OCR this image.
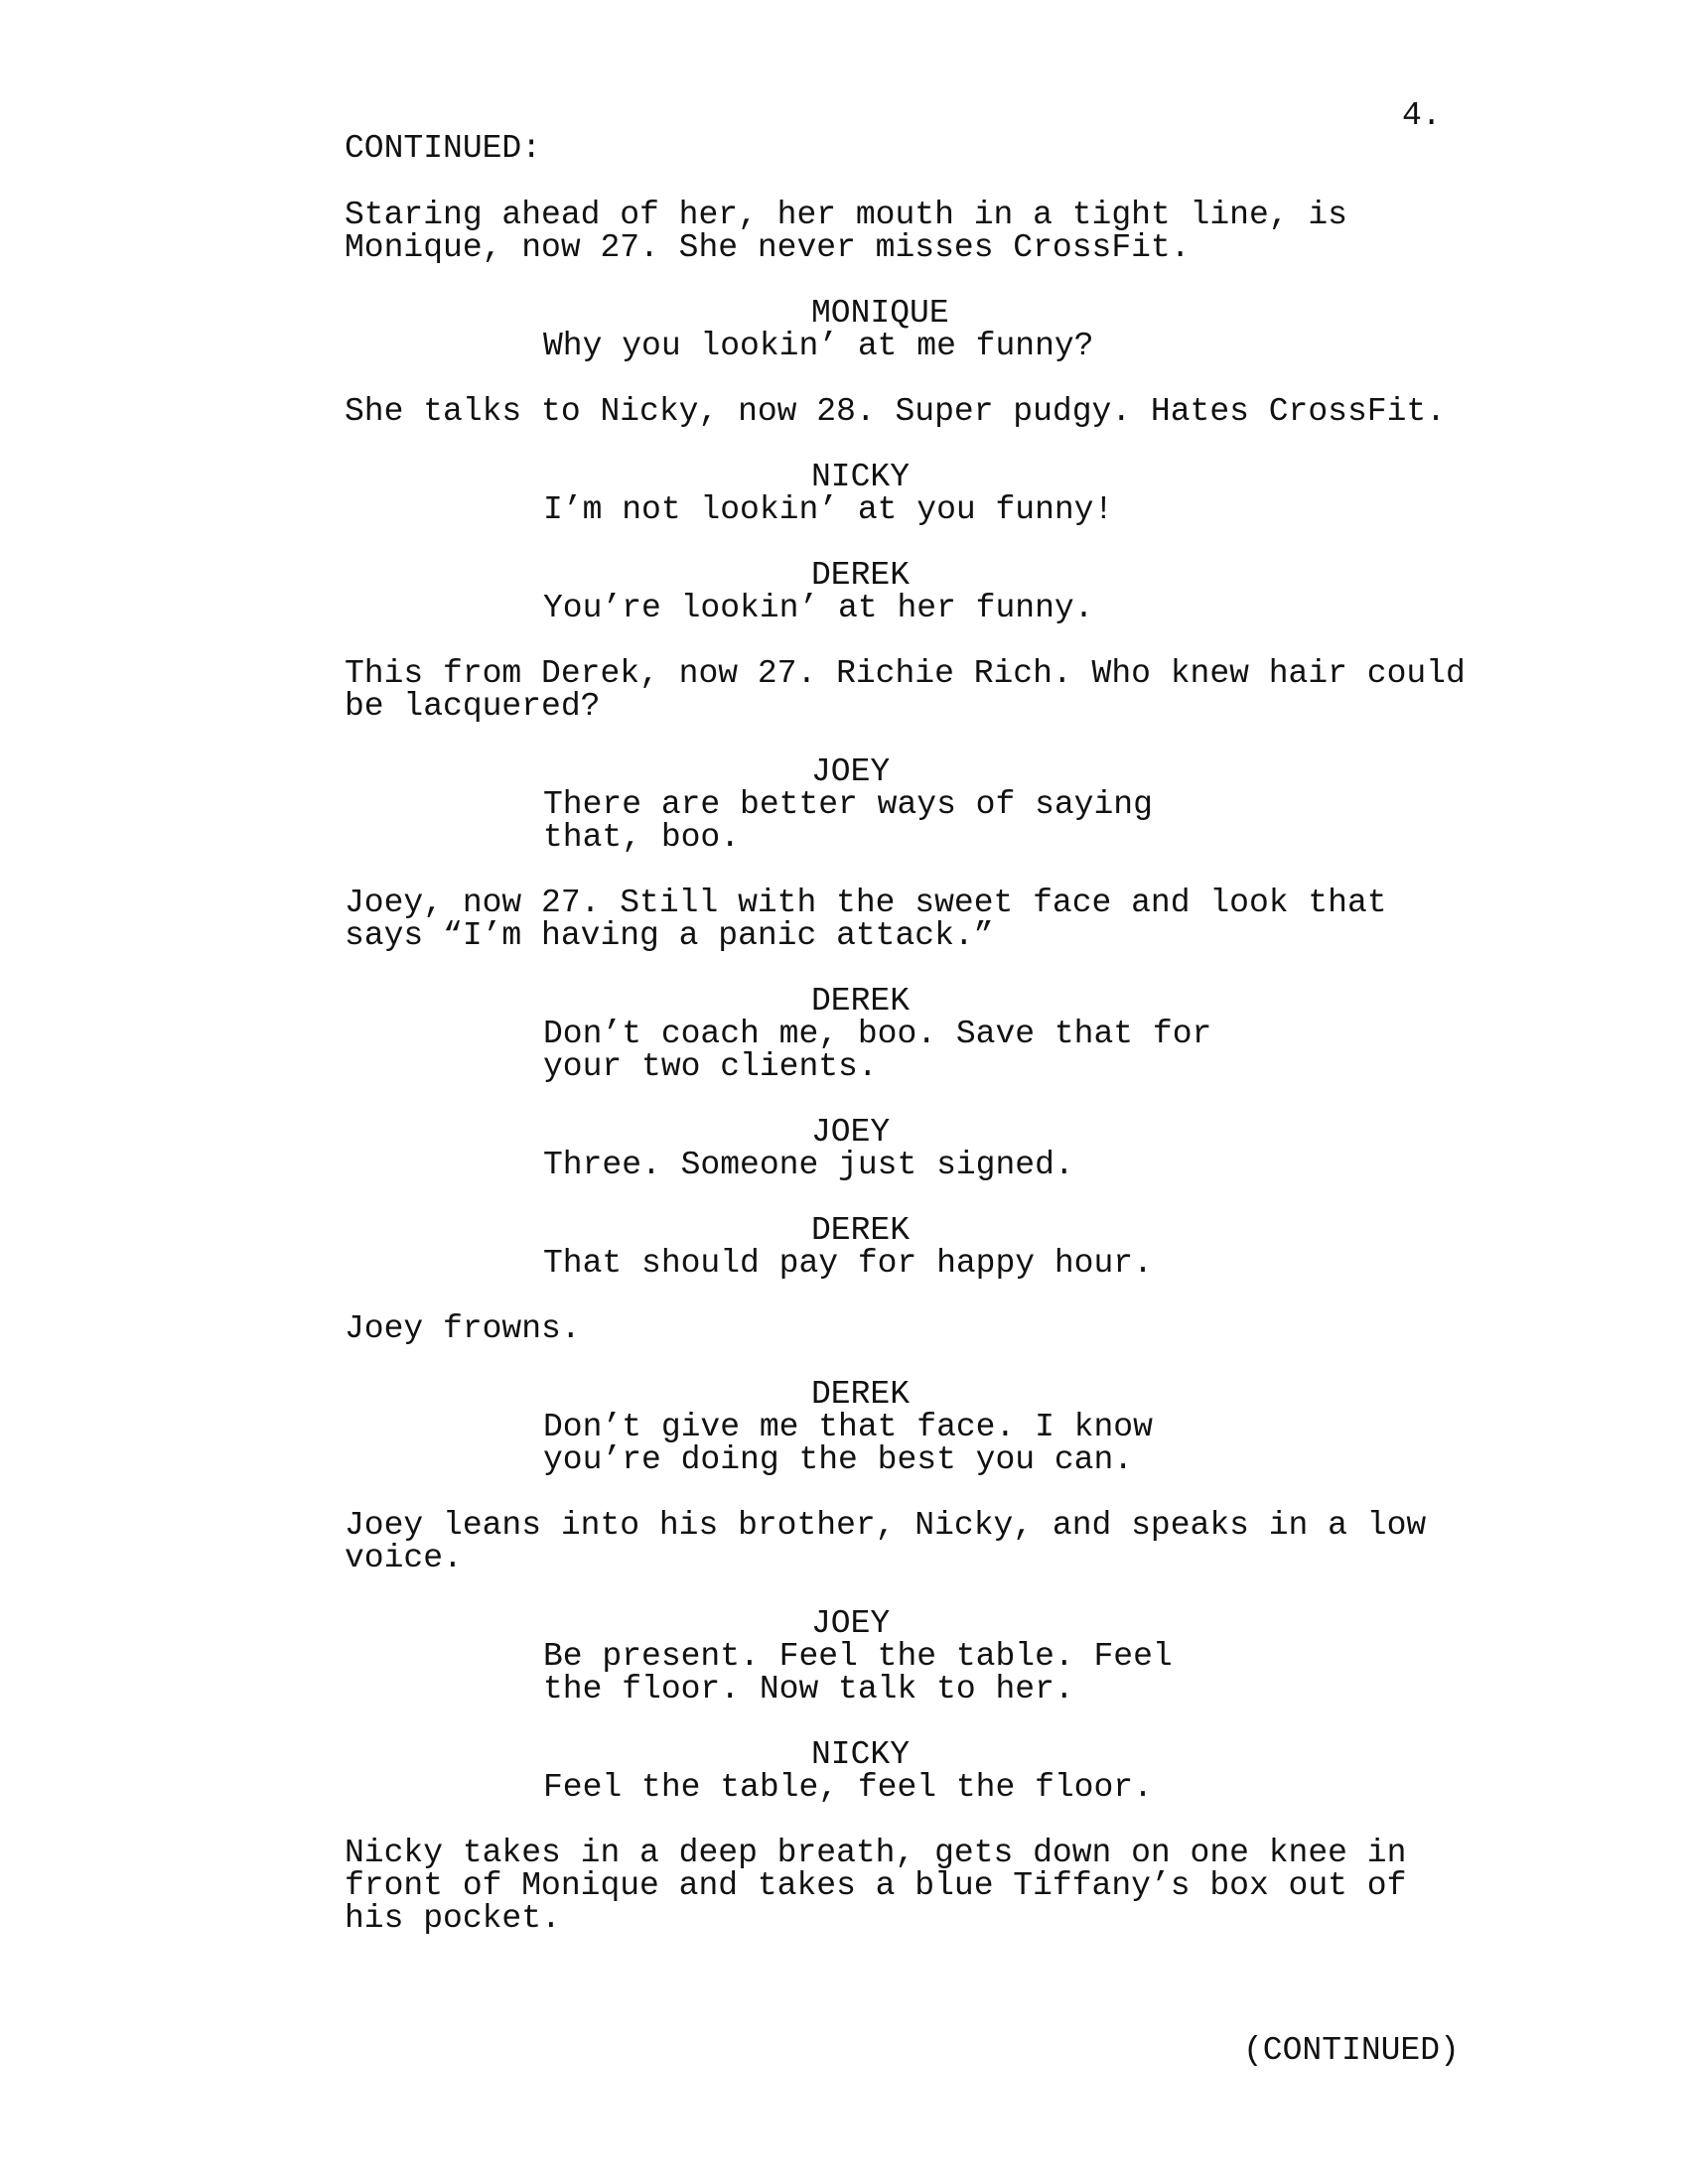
4.
CONTINUED:
Staring ahead of her, her mouth in a tight line, is
Monique, now 27. She never misses CrossFit.
MONIQUE
Why you lookin’ at me funny?
She talks to Nicky, now 28. Super pudgy. Hates CrossFit.
NICKY
I’m not lookin’ at you funny!
DEREK
You’re lookin’ at her funny.
This from Derek, now 27. Richie Rich. Who knew hair could
be lacquered?
JOEY
There are better ways of saying
that, boo.
Joey, now 27. Still with the sweet face and look that
says “I’m having a panic attack.”
DEREK
Don’t coach me, boo. Save that for
your two clients.
JOEY
Three. Someone just signed.
DEREK
That should pay for happy hour.
Joey frowns.
DEREK
Don’t give me that face. I know
you’re doing the best you can.
Joey leans into his brother, Nicky, and speaks in a low
voice.
JOEY
Be present. Feel the table. Feel
the floor. Now talk to her.
NICKY
Feel the table, feel the floor.
Nicky takes in a deep breath, gets down on one knee in
front of Monique and takes a blue Tiffany’s box out of
his pocket.
(CONTINUED)
